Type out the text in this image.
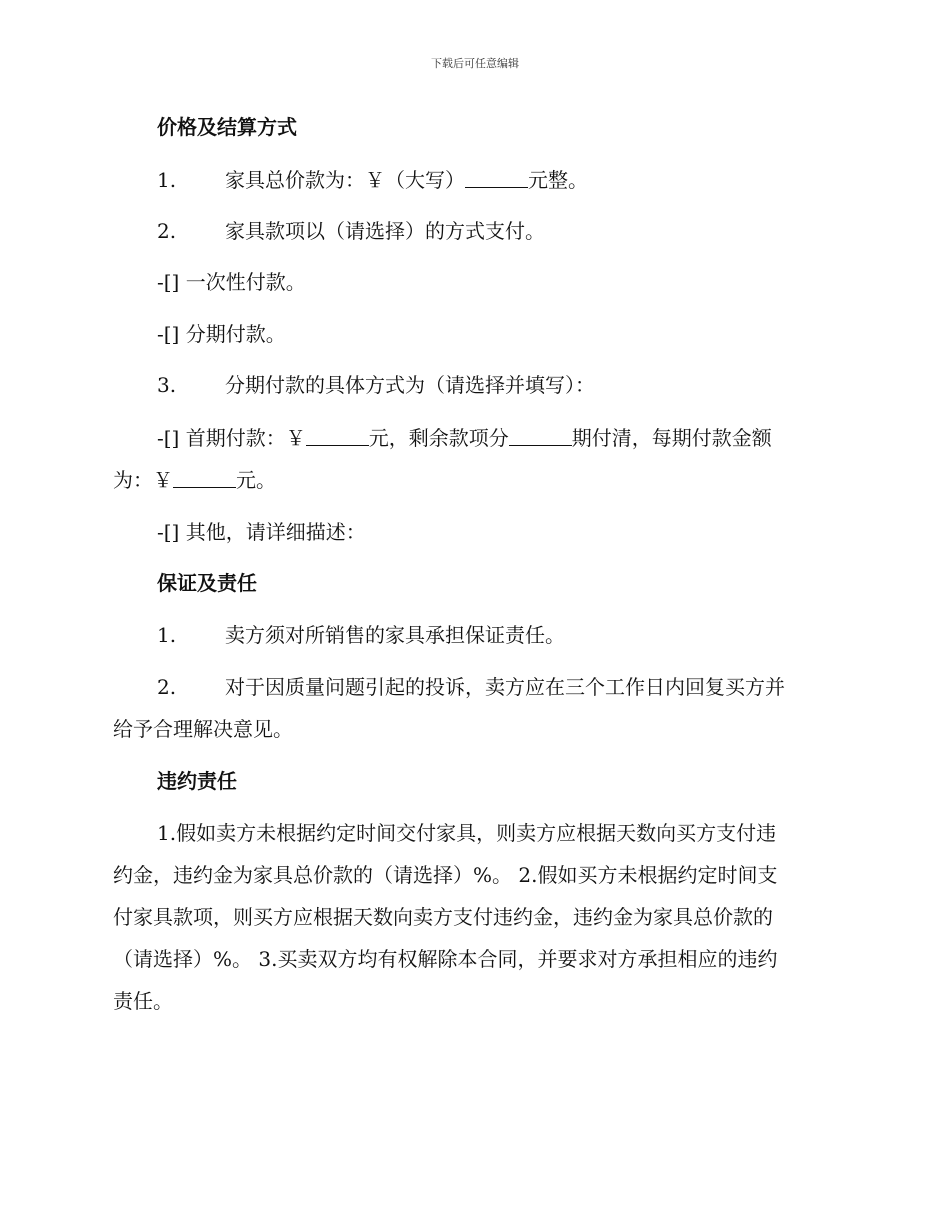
下载后可任意编辑
价格及结算方式
1. 家具总价款为：￥（大写）	元整。
2. 家具款项以（请选择）的方式支付。
-[] 一次性付款。
-[] 分期付款。
3. 分期付款的具体方式为（请选择并填写）：
-[] 首期付款：￥	元，剩余款项分	期付清，每期付款金额
为：￥	元。
-[] 其他，请详细描述：
保证及责任
1. 卖方须对所销售的家具承担保证责任。
2. 对于因质量问题引起的投诉，卖方应在三个工作日内回复买方并
给予合理解决意见。
违约责任
1.假如卖方未根据约定时间交付家具，则卖方应根据天数向买方支付违
约金，违约金为家具总价款的（请选择）%。 2.假如买方未根据约定时间支
付家具款项，则买方应根据天数向卖方支付违约金，违约金为家具总价款的
（请选择）%。 3.买卖双方均有权解除本合同，并要求对方承担相应的违约
责任。
